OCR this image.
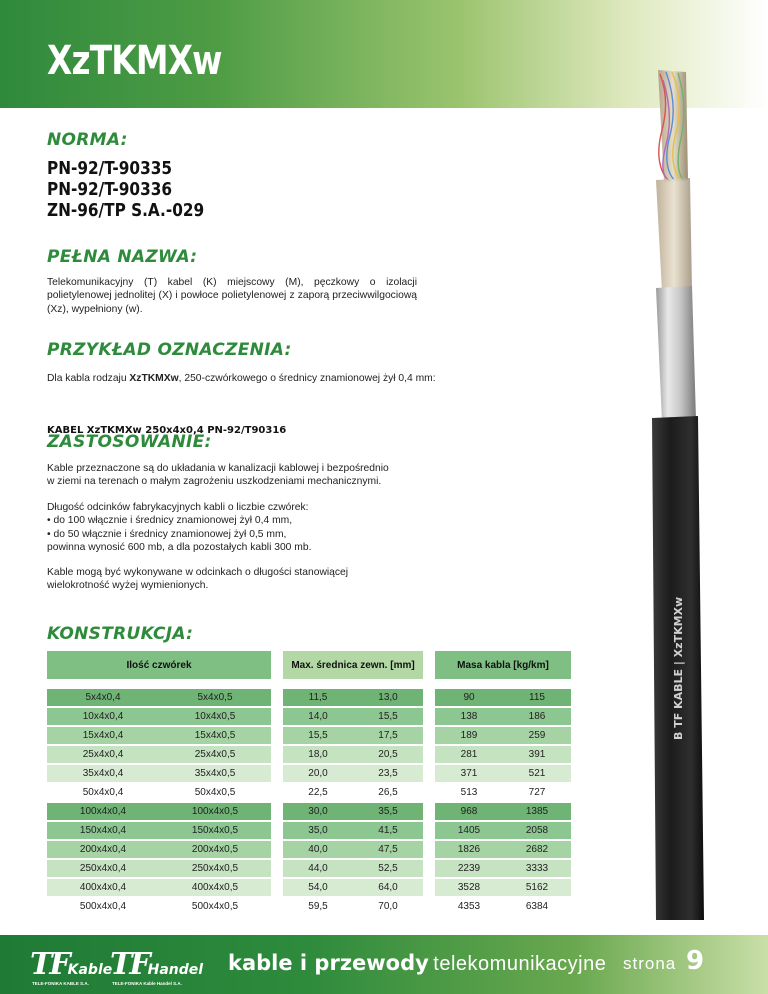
XzTKMXw
NORMA:
PN-92/T-90335
PN-92/T-90336
ZN-96/TP S.A.-029
PEŁNA NAZWA:

Telekomunikacyjny (T) kabel (K) miejscowy (M), pęczkowy o izolacji polietylenowej jednolitej (X) i powłoce polietylenowej z zaporą przeciwwilgociową (Xz), wypełniony (w).

PRZYKŁAD OZNACZENIA:

Dla kabla rodzaju XzTKMXw, 250-czwórkowego o średnicy znamionowej żył 0,4 mm:

KABEL XzTKMXw 250x4x0,4 PN-92/T90316

ZASTOSOWANIE:
Kable przeznaczone są do układania w kanalizacji kablowej i bezpośrednio
w ziemi na terenach o małym zagrożeniu uszkodzeniami mechanicznymi.
Długość odcinków fabrykacyjnych kabli o liczbie czwórek:
• do 100 włącznie i średnicy znamionowej żył 0,4 mm,
• do 50 włącznie i średnicy znamionowej żył 0,5 mm,
powinna wynosić 600 mb, a dla pozostałych kabli 300 mb.
Kable mogą być wykonywane w odcinkach o długości stanowiącej
wielokrotność wyżej wymienionych.
KONSTRUKCJA:
Ilość czwórek			Max. średnica zewn. [mm]			Masa kabla [kg/km]	

5x4x0,4	5x4x0,5		11,5	13,0		90	115
10x4x0,4	10x4x0,5		14,0	15,5		138	186
15x4x0,4	15x4x0,5		15,5	17,5		189	259
25x4x0,4	25x4x0,5		18,0	20,5		281	391
35x4x0,4	35x4x0,5		20,0	23,5		371	521
50x4x0,4	50x4x0,5		22,5	26,5		513	727
100x4x0,4	100x4x0,5		30,0	35,5		968	1385
150x4x0,4	150x4x0,5		35,0	41,5		1405	2058
200x4x0,4	200x4x0,5		40,0	47,5		1826	2682
250x4x0,4	250x4x0,5		44,0	52,5		2239	3333
400x4x0,4	400x4x0,5		54,0	64,0		3528	5162
500x4x0,4	500x4x0,5		59,5	70,0		4353	6384
B TF KABLE | XzTKMXw
TFKable
TELE-FONIKA KABLE S.A.
TFHandel
TELE-FONIKA Kable Handel S.A.
kable i przewody telekomunikacyjne strona 9
